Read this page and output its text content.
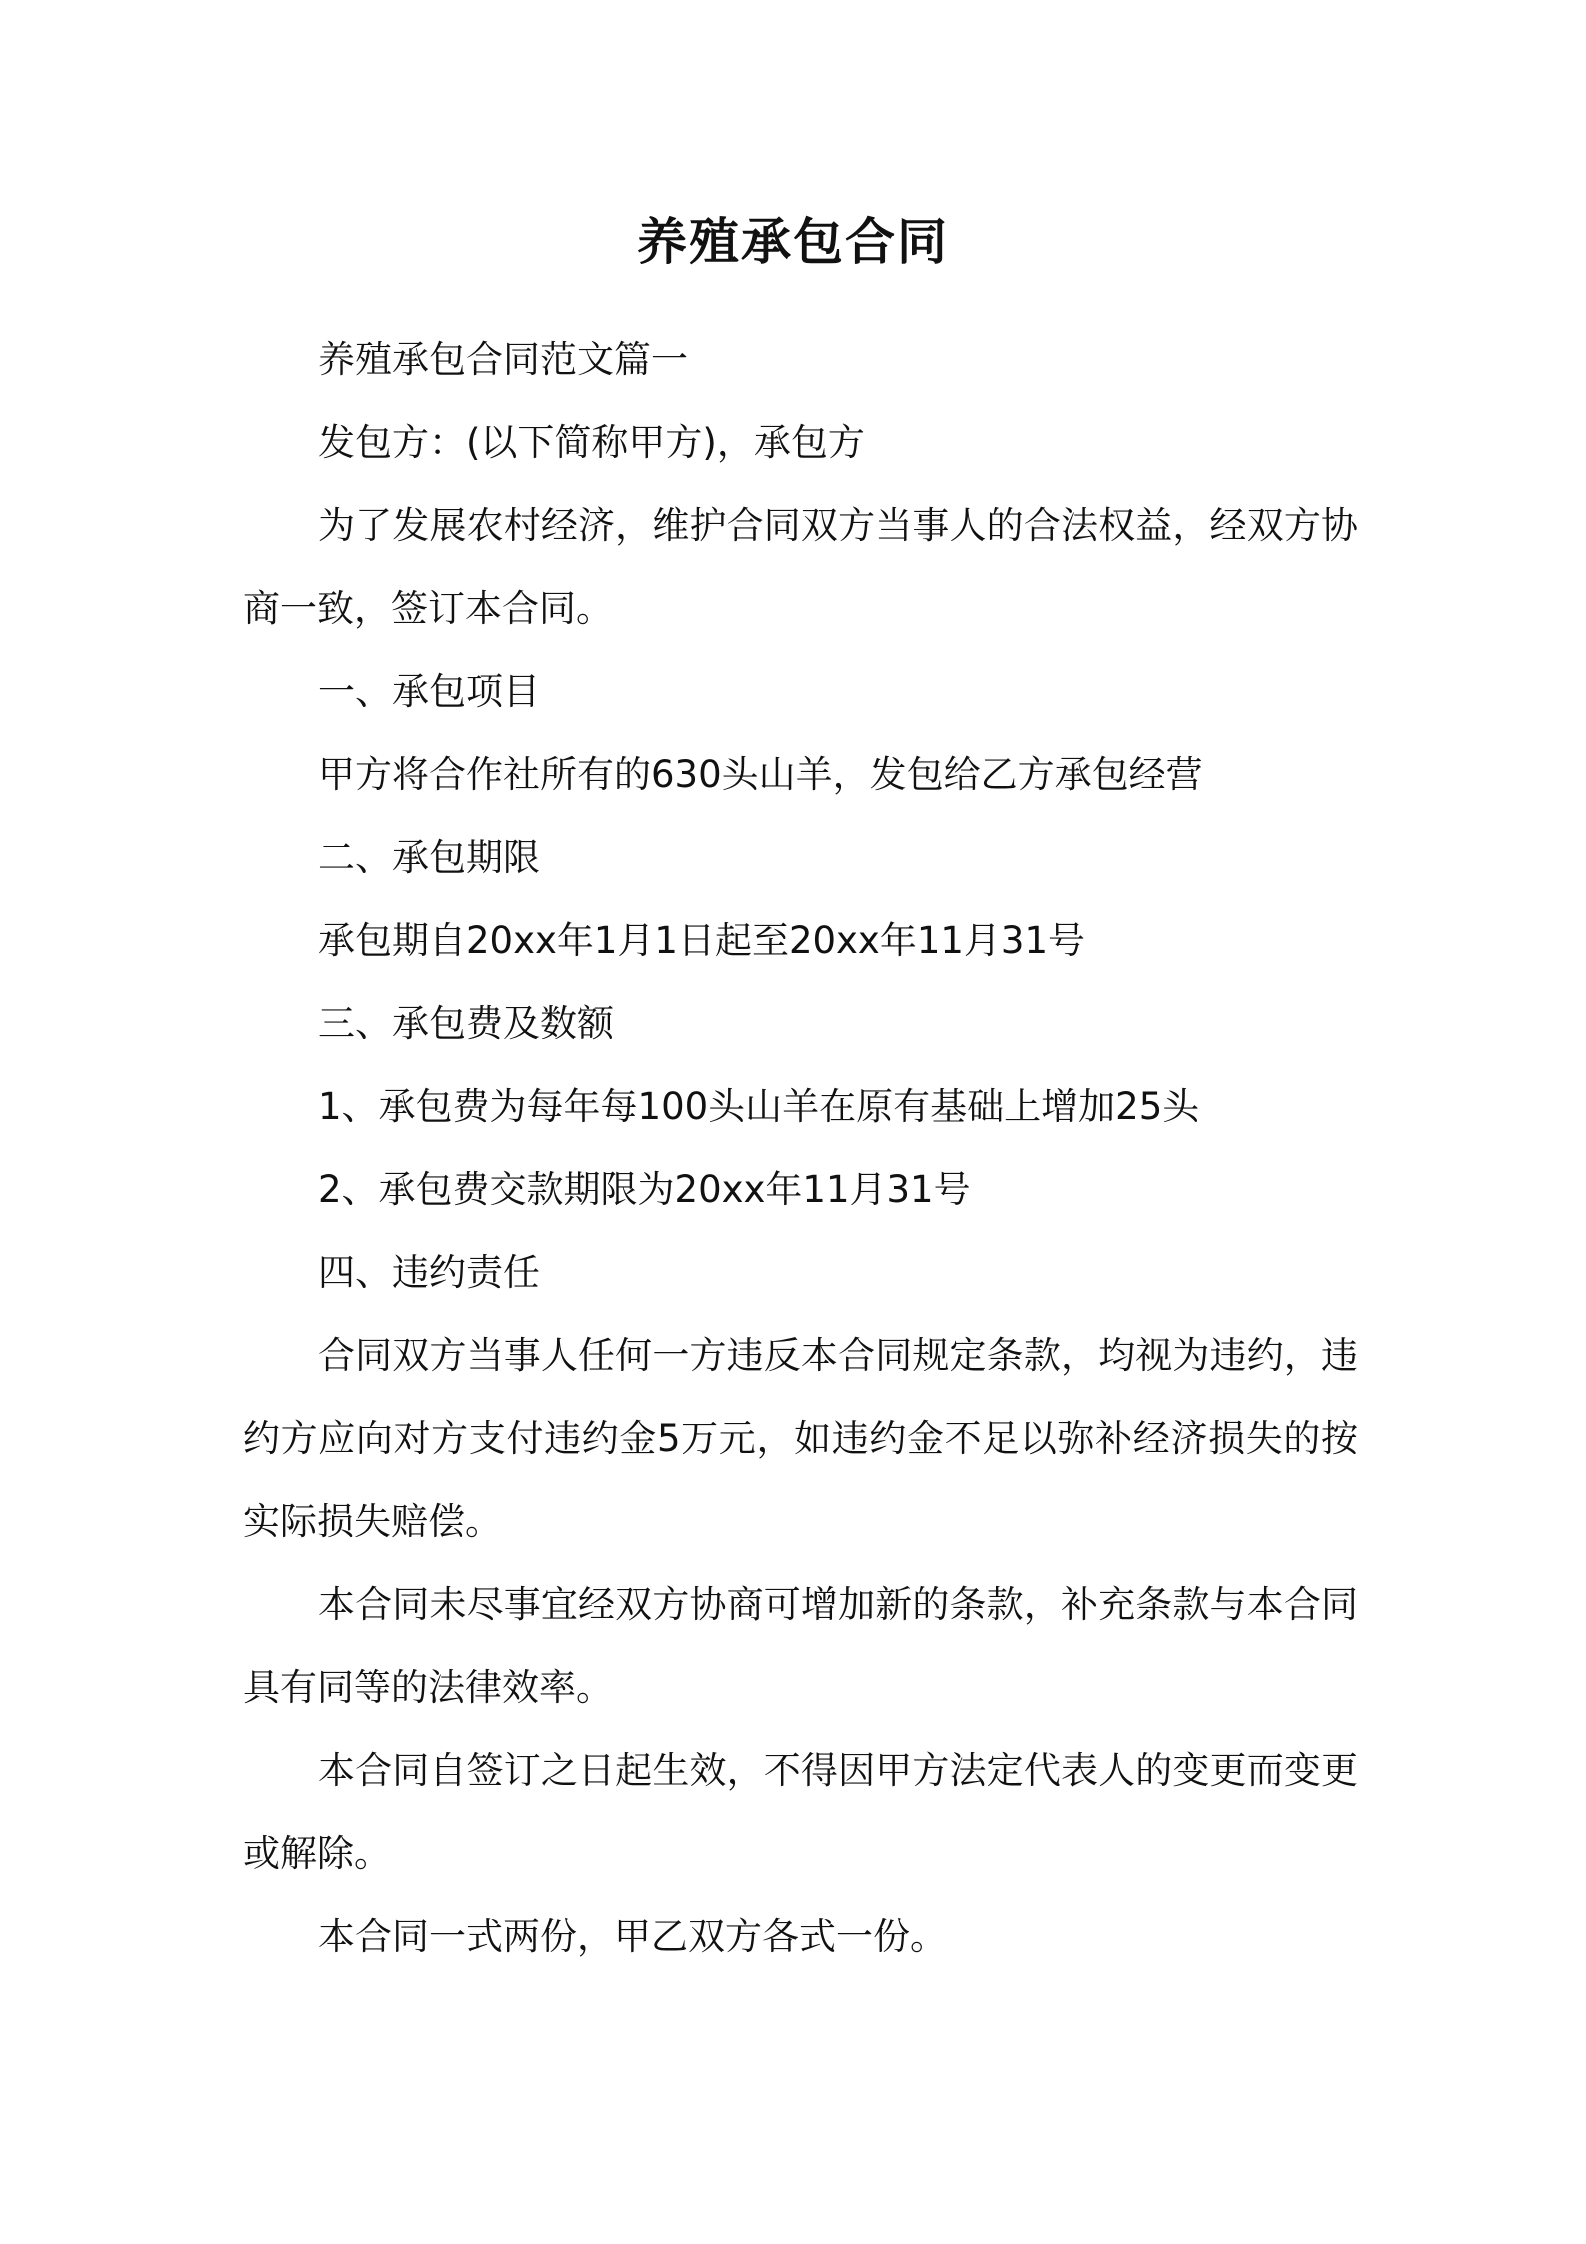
养殖承包合同

养殖承包合同范文篇一

发包方：(以下简称甲方)，承包方

为了发展农村经济，维护合同双方当事人的合法权益，经双方协商一致，签订本合同。

一、承包项目

甲方将合作社所有的630头山羊，发包给乙方承包经营

二、承包期限

承包期自20xx年1月1日起至20xx年11月31号

三、承包费及数额

1、承包费为每年每100头山羊在原有基础上增加25头

2、承包费交款期限为20xx年11月31号

四、违约责任

合同双方当事人任何一方违反本合同规定条款，均视为违约，违约方应向对方支付违约金5万元，如违约金不足以弥补经济损失的按实际损失赔偿。

本合同未尽事宜经双方协商可增加新的条款，补充条款与本合同具有同等的法律效率。

本合同自签订之日起生效，不得因甲方法定代表人的变更而变更或解除。

本合同一式两份，甲乙双方各式一份。
